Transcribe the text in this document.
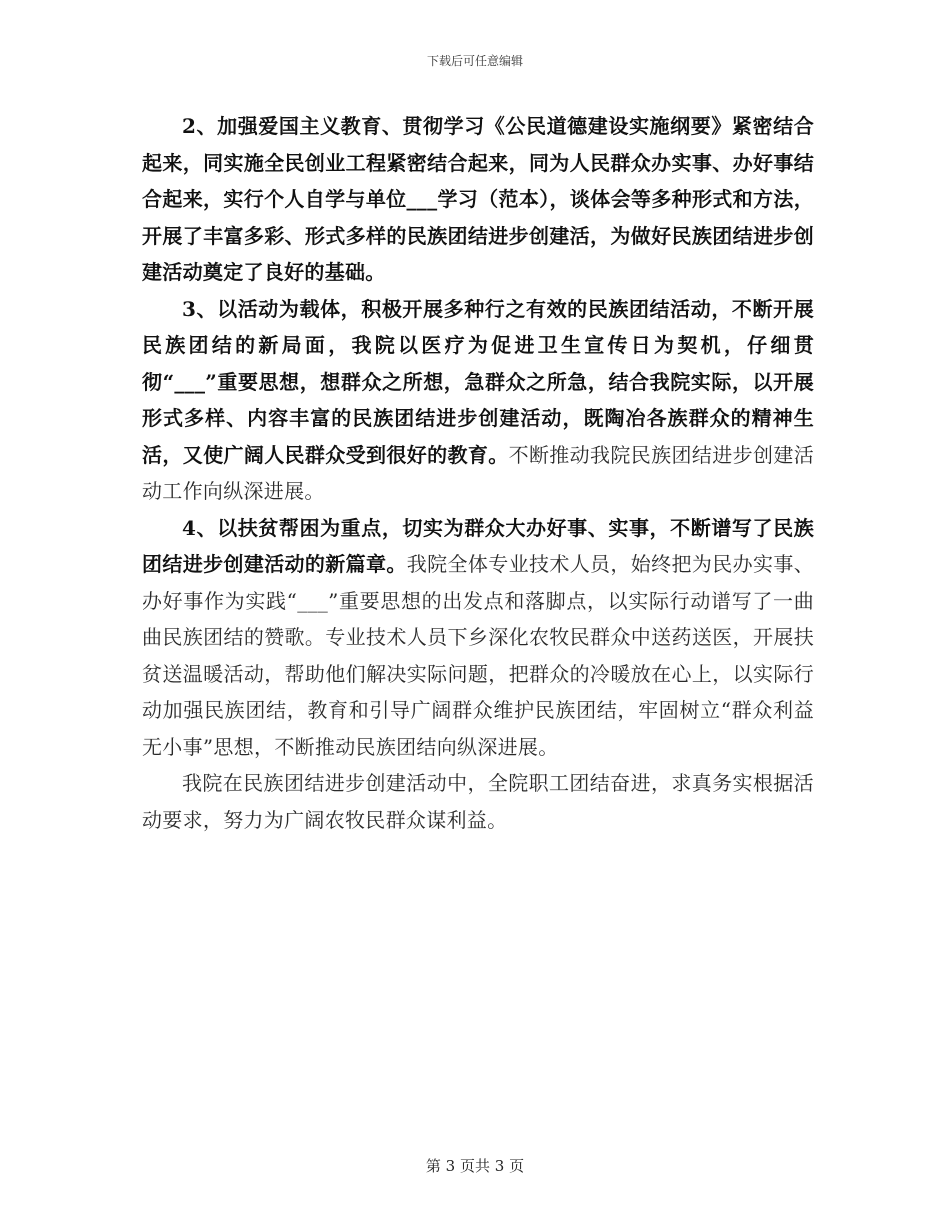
下载后可任意编辑

2、加强爱国主义教育、贯彻学习《公民道德建设实施纲要》紧密结合起来，同实施全民创业工程紧密结合起来，同为人民群众办实事、办好事结合起来，实行个人自学与单位___学习（范本），谈体会等多种形式和方法，开展了丰富多彩、形式多样的民族团结进步创建活，为做好民族团结进步创建活动奠定了良好的基础。

3、以活动为载体，积极开展多种行之有效的民族团结活动，不断开展民族团结的新局面，我院以医疗为促进卫生宣传日为契机，仔细贯彻“___”重要思想，想群众之所想，急群众之所急，结合我院实际，以开展形式多样、内容丰富的民族团结进步创建活动，既陶冶各族群众的精神生活，又使广阔人民群众受到很好的教育。不断推动我院民族团结进步创建活动工作向纵深进展。

4、以扶贫帮困为重点，切实为群众大办好事、实事，不断谱写了民族团结进步创建活动的新篇章。我院全体专业技术人员，始终把为民办实事、办好事作为实践“___”重要思想的出发点和落脚点，以实际行动谱写了一曲曲民族团结的赞歌。专业技术人员下乡深化农牧民群众中送药送医，开展扶贫送温暖活动，帮助他们解决实际问题，把群众的冷暖放在心上，以实际行动加强民族团结，教育和引导广阔群众维护民族团结，牢固树立“群众利益无小事”思想，不断推动民族团结向纵深进展。

我院在民族团结进步创建活动中，全院职工团结奋进，求真务实根据活动要求，努力为广阔农牧民群众谋利益。

第 3 页共 3 页
